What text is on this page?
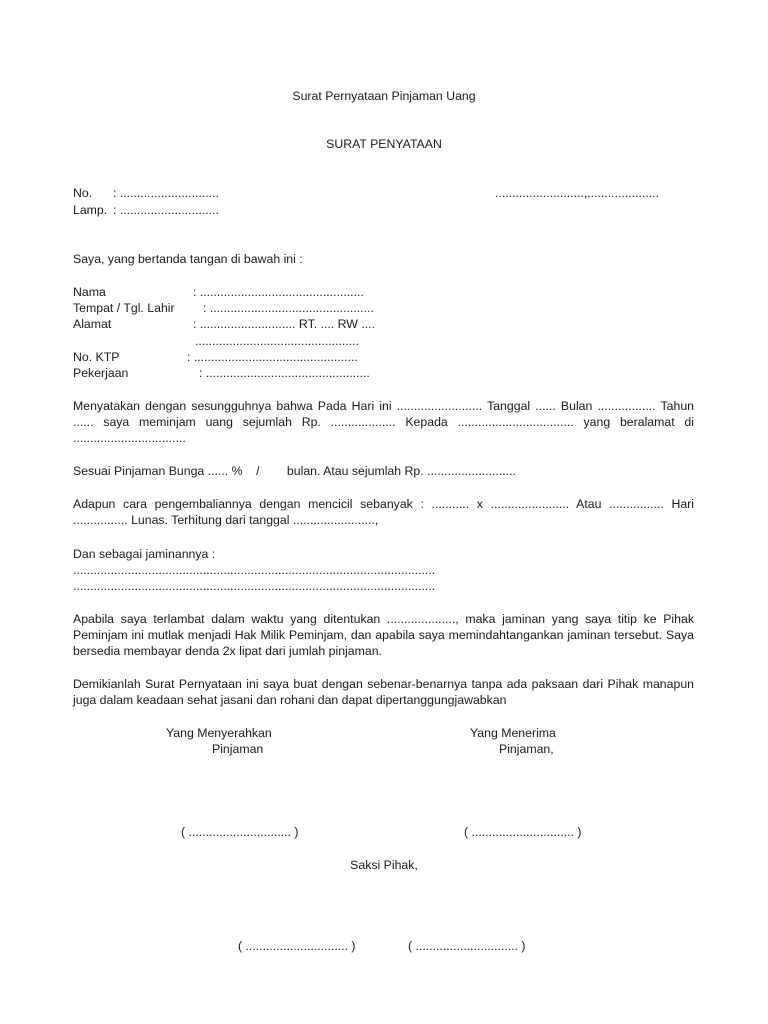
Surat Pernyataan Pinjaman Uang
SURAT PENYATAAN
No. : .............................	..........................,.....................
Lamp. : .............................
Saya, yang bertanda tangan di bawah ini :
Nama	: ................................................
Tempat / Tgl. Lahir : ................................................
Alamat	: ............................ RT. .... RW ....
................................................
No. KTP	: ................................................
Pekerjaan	: ................................................
Menyatakan dengan sesungguhnya bahwa Pada Hari ini ......................... Tanggal ...... Bulan ................. Tahun ...... saya meminjam uang sejumlah Rp. ................... Kepada .................................. yang beralamat di .................................
Sesuai Pinjaman Bunga ...... %    /        bulan. Atau sejumlah Rp. ..........................
Adapun cara pengembaliannya dengan mencicil sebanyak : ........... x ....................... Atau ................ Hari ................ Lunas. Terhitung dari tanggal ........................,
Dan sebagai jaminannya :
..........................................................................................................
..........................................................................................................
Apabila saya terlambat dalam waktu yang ditentukan ...................., maka jaminan yang saya titip ke Pihak Peminjam ini mutlak menjadi Hak Milik Peminjam, dan apabila saya memindahtangankan jaminan tersebut. Saya bersedia membayar denda 2x lipat dari jumlah pinjaman.
Demikianlah Surat Pernyataan ini saya buat dengan sebenar-benarnya tanpa ada paksaan dari Pihak manapun juga dalam keadaan sehat jasani dan rohani dan dapat dipertanggungjawabkan
Yang Menyerahkan
Pinjaman
Yang Menerima
Pinjaman,
( .............................. )	( .............................. )
Saksi Pihak,
( .............................. )	( .............................. )
